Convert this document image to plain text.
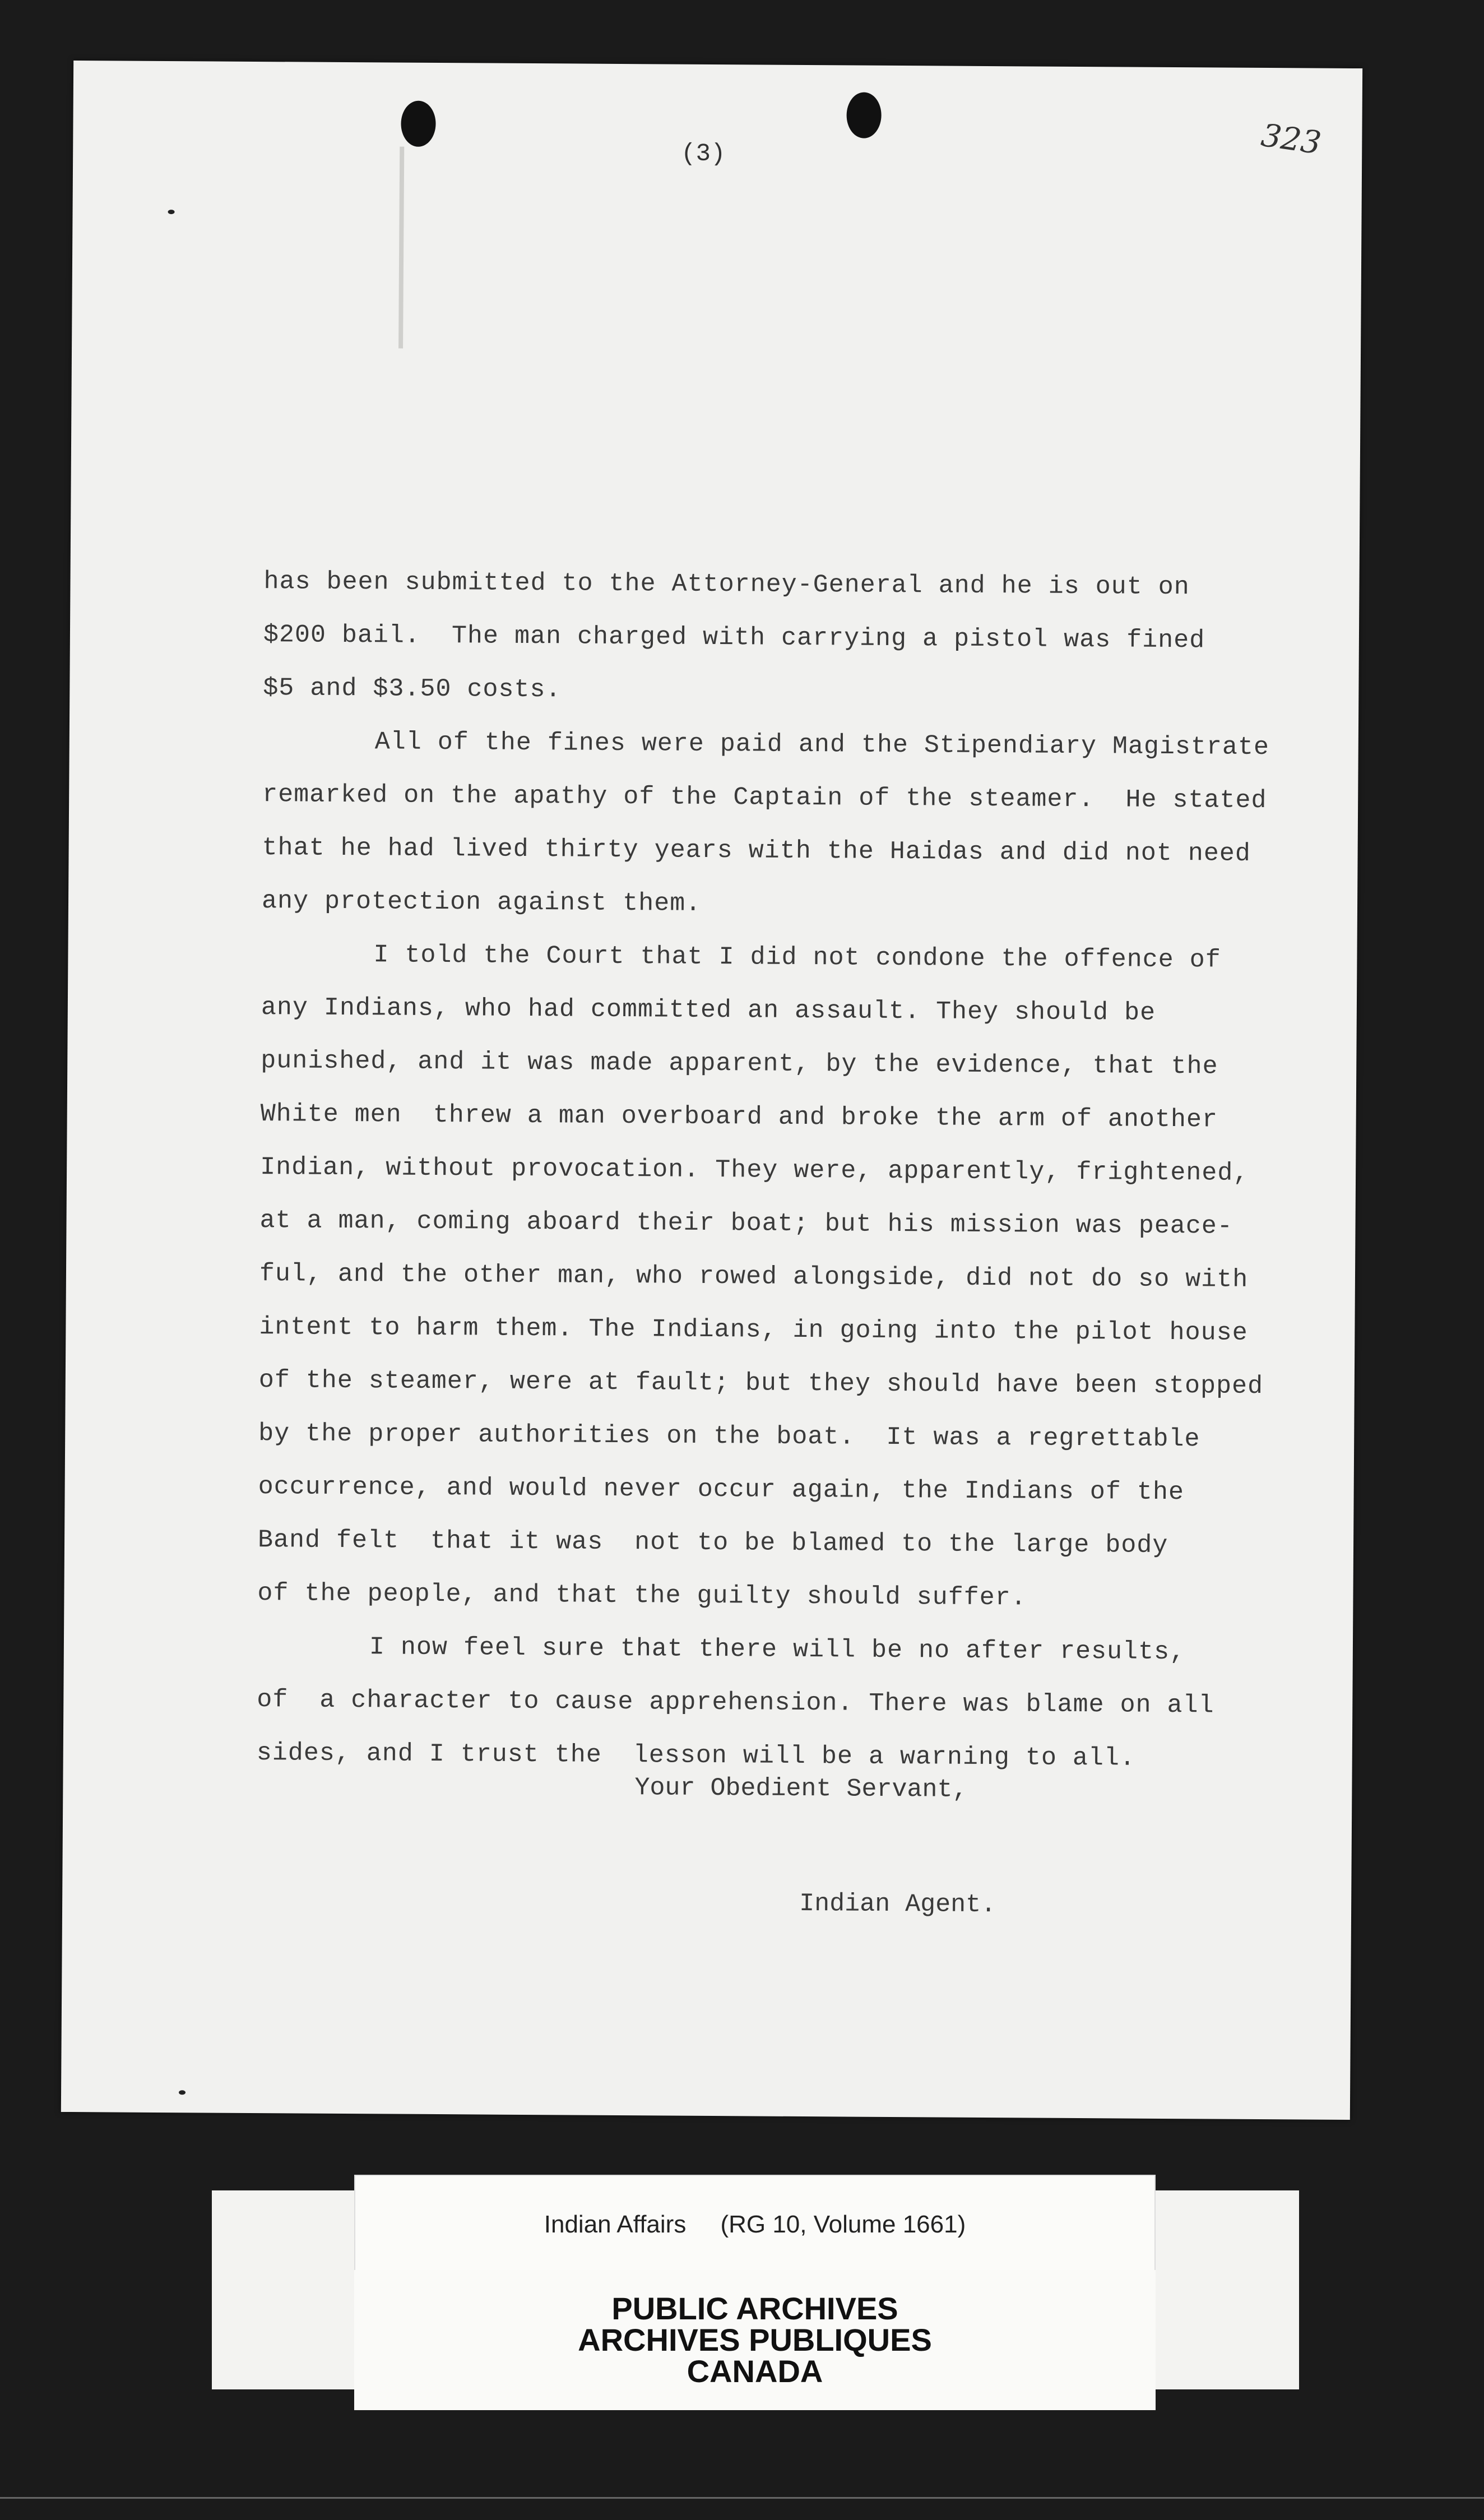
323
(3)
has been submitted to the Attorney-General and he is out on
$200 bail.  The man charged with carrying a pistol was fined
$5 and $3.50 costs.
All of the fines were paid and the Stipendiary Magistrate
remarked on the apathy of the Captain of the steamer.  He stated
that he had lived thirty years with the Haidas and did not need
any protection against them.
I told the Court that I did not condone the offence of
any Indians, who had committed an assault. They should be
punished, and it was made apparent, by the evidence, that the
White men  threw a man overboard and broke the arm of another
Indian, without provocation. They were, apparently, frightened,
at a man, coming aboard their boat; but his mission was peace-
ful, and the other man, who rowed alongside, did not do so with
intent to harm them. The Indians, in going into the pilot house
of the steamer, were at fault; but they should have been stopped
by the proper authorities on the boat.  It was a regrettable
occurrence, and would never occur again, the Indians of the
Band felt  that it was  not to be blamed to the large body
of the people, and that the guilty should suffer.
I now feel sure that there will be no after results,
of  a character to cause apprehension. There was blame on all
sides, and I trust the  lesson will be a warning to all.
Your Obedient Servant,
Indian Agent.
Indian Affairs     (RG 10, Volume 1661)
PUBLIC ARCHIVES
ARCHIVES PUBLIQUES
CANADA
